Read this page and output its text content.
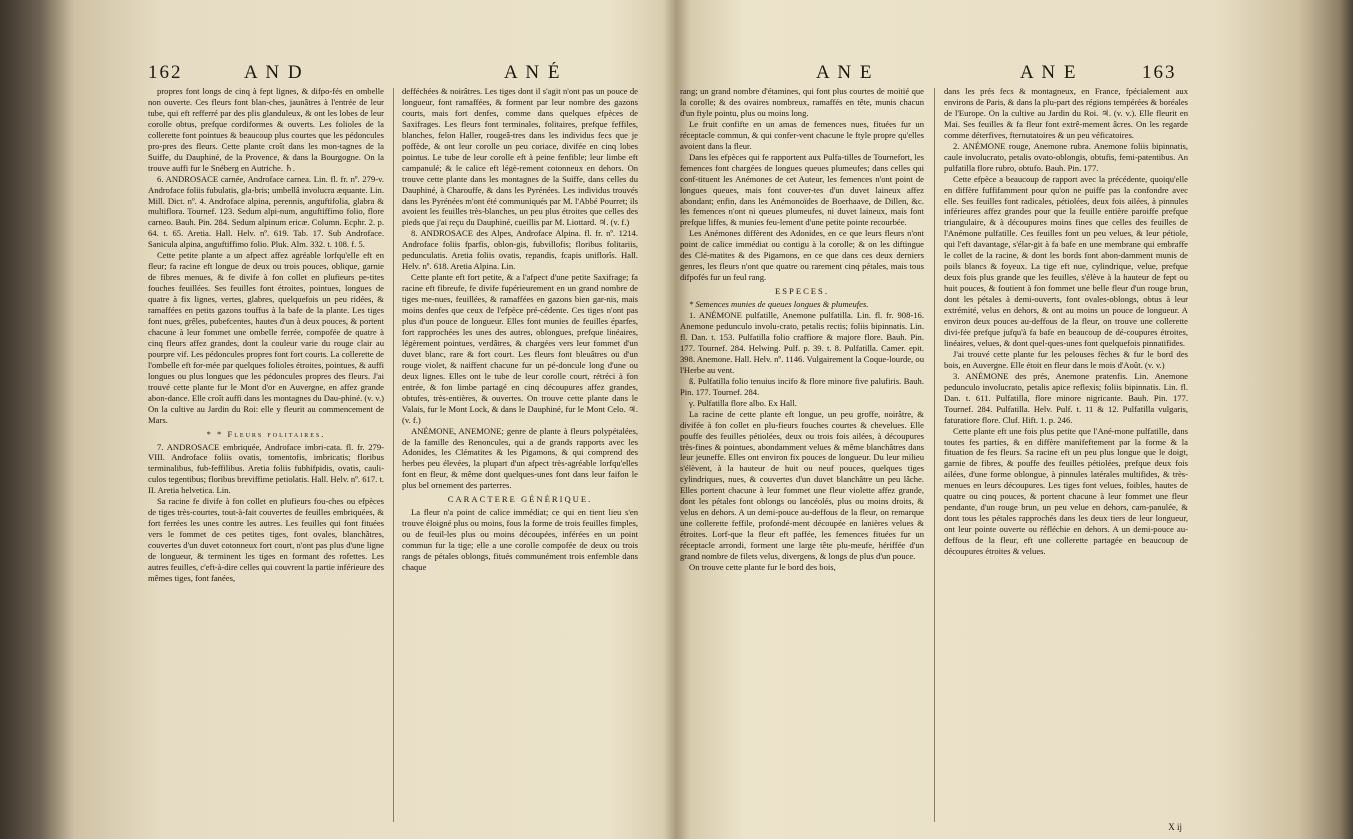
162	A N D	A N É

propres font longs de cinq à fept lignes, & difpo-fés en ombelle non ouverte. Ces fleurs font blan-ches, jaunâtres à l'entrée de leur tube, qui eft refferré par des plis glanduleux, & ont les lobes de leur corolle obtus, prefque cordiformes & ouverts. Les folioles de la collerette font pointues & beaucoup plus courtes que les pédoncules pro-pres des fleurs. Cette plante croît dans les mon-tagnes de la Suiffe, du Dauphiné, de la Provence, & dans la Bourgogne. On la trouve auffi fur le Snéberg en Autriche. ♄.

6. ANDROSACE carnée, Androface carnea. Lin. fl. fr. nº. 279-v. Androface foliis fubulatis, gla-bris; umbellâ involucra æquante. Lin. Mill. Dict. nº. 4. Androface alpina, perennis, anguftifolia, glabra & multiflora. Tournef. 123. Sedum alpi-num, anguftiffimo folio, flore carneo. Bauh. Pin. 284. Sedum alpinum ericæ. Column. Ecphr. 2. p. 64. t. 65. Aretia. Hall. Helv. nº. 619. Tab. 17. Sub Androface. Sanicula alpina, anguftiffimo folio. Pluk. Alm. 332. t. 108. f. 5.

Cette petite plante a un afpect affez agréable lorfqu'elle eft en fleur; fa racine eft longue de deux ou trois pouces, oblique, garnie de fibres menues, & fe divife à fon collet en plufieurs pe-tites fouches feuillées. Ses feuilles font étroites, pointues, longues de quatre à fix lignes, vertes, glabres, quelquefois un peu ridées, & ramaffées en petits gazons touffus à la bafe de la plante. Les tiges font nues, grêles, pubefcentes, hautes d'un à deux pouces, & portent chacune à leur fommet une ombelle ferrée, compofée de quatre à cinq fleurs affez grandes, dont la couleur varie du rouge clair au pourpre vif. Les pédoncules propres font fort courts. La collerette de l'ombelle eft for-mée par quelques folioles étroites, pointues, & auffi longues ou plus longues que les pédoncules propres des fleurs. J'ai trouvé cette plante fur le Mont d'or en Auvergne, en affez grande abon-dance. Elle croît auffi dans les montagnes du Dau-phiné. (v. v.) On la cultive au Jardin du Roi: elle y fleurit au commencement de Mars.

* * Fleurs folitaires.

7. ANDROSACE embriquée, Androface imbri-cata. fl. fr. 279-VIII. Androface foliis ovatis, tomentofis, imbricatis; floribus terminalibus, fub-feffilibus. Aretia foliis fubhifpidis, ovatis, cauli-culos tegentibus; floribus breviffime petiolatis. Hall. Helv. nº. 617. t. II. Aretia helvetica. Lin.

Sa racine fe divife à fon collet en plufieurs fou-ches ou efpèces de tiges très-courtes, tout-à-fait couvertes de feuilles embriquées, & fort ferrées les unes contre les autres. Les feuilles qui font fituées vers le fommet de ces petites tiges, font ovales, blanchâtres, couvertes d'un duvet cotonneux fort court, n'ont pas plus d'une ligne de longueur, & terminent les tiges en formant des rofettes. Les autres feuilles, c'eft-à-dire celles qui couvrent la partie inférieure des mêmes tiges, font fanées,

defféchées & noirâtres. Les tiges dont il s'agit n'ont pas un pouce de longueur, font ramaffées, & forment par leur nombre des gazons courts, mais fort denfes, comme dans quelques efpèces de Saxifrages. Les fleurs font terminales, folitaires, prefque feffiles, blanches, felon Haller, rougeâ-tres dans les individus fecs que je poffède, & ont leur corolle un peu coriace, divifée en cinq lobes pointus. Le tube de leur corolle eft à peine fenfible; leur limbe eft campanulé; & le calice eft légè-rement cotonneux en dehors. On trouve cette plante dans les montagnes de la Suiffe, dans celles du Dauphiné, à Charouffe, & dans les Pyrénées. Les individus trouvés dans les Pyrénées m'ont été communiqués par M. l'Abbé Pourret; ils avoient les feuilles très-blanches, un peu plus étroites que celles des pieds que j'ai reçu du Dauphiné, cueillis par M. Liottard. ♃. (v. f.)

8. ANDROSACE des Alpes, Androface Alpina. fl. fr. nº. 1214. Androface foliis fparfis, oblon-gis, fubvillofis; floribus folitariis, pedunculatis. Aretia foliis ovatis, repandis, fcapis uniflorîs. Hall. Helv. nº. 618. Aretia Alpina. Lin.

Cette plante eft fort petite, & a l'afpect d'une petite Saxifrage; fa racine eft fibreufe, fe divife fupérieurement en un grand nombre de tiges me-nues, feuillées, & ramaffées en gazons bien gar-nis, mais moins denfes que ceux de l'efpèce pré-cédente. Ces tiges n'ont pas plus d'un pouce de longueur. Elles font munies de feuilles éparfes, fort rapprochées les unes des autres, oblongues, prefque linéaires, légèrement pointues, verdâtres, & chargées vers leur fommet d'un duvet blanc, rare & fort court. Les fleurs font bleuâtres ou d'un rouge violet, & naiffent chacune fur un pé-doncule long d'une ou deux lignes. Elles ont le tube de leur corolle court, rétréci à fon entrée, & fon limbe partagé en cinq découpures affez grandes, obtufes, très-entières, & ouvertes. On trouve cette plante dans le Valais, fur le Mont Lock, & dans le Dauphiné, fur le Mont Celo. ♃. (v. f.)

ANÉMONE, ANEMONE; genre de plante à fleurs polypétalées, de la famille des Renoncules, qui a de grands rapports avec les Adonides, les Clématites & les Pigamons, & qui comprend des herbes peu élevées, la plupart d'un afpect très-agréable lorfqu'elles font en fleur, & même dont quelques-unes font dans leur faifon le plus bel ornement des parterres.

CARACTERE GÉNÉRIQUE.

La fleur n'a point de calice immédiat; ce qui en tient lieu s'en trouve éloigné plus ou moins, fous la forme de trois feuilles fimples, ou de feuil-les plus ou moins découpées, inférées en un point commun fur la tige; elle a une corolle compofée de deux ou trois rangs de pétales oblongs, fitués communément trois enfemble dans chaque

A N E	A N E	163

rang; un grand nombre d'étamines, qui font plus courtes de moitié que la corolle; & des ovaires nombreux, ramaffés en tête, munis chacun d'un ftyle pointu, plus ou moins long.

Le fruit confifte en un amas de femences nues, fituées fur un réceptacle commun, & qui confer-vent chacune le ftyle propre qu'elles avoient dans la fleur.

Dans les efpèces qui fe rapportent aux Pulfa-tilles de Tournefort, les femences font chargées de longues queues plumeufes; dans celles qui conf-tituent les Anémones de cet Auteur, les femences n'ont point de longues queues, mais font couver-tes d'un duvet laineux affez abondant; enfin, dans les Anémonoïdes de Boerhaave, de Dillen, &c. les femences n'ont ni queues plumeufes, ni duvet laineux, mais font prefque liffes, & munies feu-lement d'une petite pointe recourbée.

Les Anémones diffèrent des Adonides, en ce que leurs fleurs n'ont point de calice immédiat ou contigu à la corolle; & on les diftingue des Clé-matites & des Pigamons, en ce que dans ces deux derniers genres, les fleurs n'ont que quatre ou rarement cinq pétales, mais tous difpofés fur un feul rang.

ESPECES.

* Semences munies de queues longues & plumeufes.

1. ANÉMONE pulfatille, Anemone pulfatilla. Lin. fl. fr. 908-16. Anemone pedunculo involu-crato, petalis rectis; foliis bipinnatis. Lin. fl. Dan. t. 153. Pulfatilla folio craffiore & majore flore. Bauh. Pin. 177. Tournef. 284. Helwing. Pulf. p. 39. t. 8. Pulfatilla. Camer. epit. 398. Anemone. Hall. Helv. nº. 1146. Vulgairement la Coque-lourde, ou l'Herbe au vent.

ß. Pulfatilla folio tenuius incifo & flore minore five palufiris. Bauh. Pin. 177. Tournef. 284.

γ. Pulfatilla flore albo. Ex Hall.

La racine de cette plante eft longue, un peu groffe, noirâtre, & divifée à fon collet en plu-fieurs fouches courtes & chevelues. Elle pouffe des feuilles pétiolées, deux ou trois fois ailées, à découpures très-fines & pointues, abondamment velues & même blanchâtres dans leur jeuneffe. Elles ont environ fix pouces de longueur. Du leur milieu s'élèvent, à la hauteur de huit ou neuf pouces, quelques tiges cylindriques, nues, & couvertes d'un duvet blanchâtre un peu lâche. Elles portent chacune à leur fommet une fleur violette affez grande, dont les pétales font oblongs ou lancéolés, plus ou moins droits, & velus en dehors. A un demi-pouce au-deffous de la fleur, on remarque une collerette feffile, profondé-ment découpée en lanières velues & étroites. Lorf-que la fleur eft paffée, les femences fituées fur un réceptacle arrondi, forment une large tête plu-meufe, hériffée d'un grand nombre de filets velus, divergens, & longs de plus d'un pouce.

On trouve cette plante fur le bord des bois,

dans les prés fecs & montagneux, en France, fpécialement aux environs de Paris, & dans la plu-part des régions tempérées & boréales de l'Europe. On la cultive au Jardin du Roi. ♃. (v. v.). Elle fleurit en Mai. Ses feuilles & fa fleur font extrê-mement âcres. On les regarde comme déterfives, fternutatoires & un peu véficatoires.

2. ANÉMONE rouge, Anemone rubra. Anemone foliis bipinnatis, caule involucrato, petalis ovato-oblongis, obtufis, femi-patentibus. An pulfatilla flore rubro, obtufo. Bauh. Pin. 177.

Cette efpèce a beaucoup de rapport avec la précédente, quoiqu'elle en diffère fuffifamment pour qu'on ne puiffe pas la confondre avec elle. Ses feuilles font radicales, pétiolées, deux fois ailées, à pinnules inférieures affez grandes pour que la feuille entière paroiffe prefque triangulaire, & à découpures moins fines que celles des feuilles de l'Anémone pulfatille. Ces feuilles font un peu velues, & leur pétiole, qui l'eft davantage, s'élar-git à fa bafe en une membrane qui embraffe le collet de la racine, & dont les bords font abon-damment munis de poils blancs & foyeux. La tige eft nue, cylindrique, velue, prefque deux fois plus grande que les feuilles, s'élève à la hauteur de fept ou huit pouces, & foutient à fon fommet une belle fleur d'un rouge brun, dont les pétales à demi-ouverts, font ovales-oblongs, obtus à leur extrémité, velus en dehors, & ont au moins un pouce de longueur. A environ deux pouces au-deffous de la fleur, on trouve une collerette divi-fée prefque jufqu'à fa bafe en beaucoup de dé-coupures étroites, linéaires, velues, & dont quel-ques-unes font quelquefois pinnatifides.

J'ai trouvé cette plante fur les pelouses fèches & fur le bord des bois, en Auvergne. Elle étoit en fleur dans le mois d'Août. (v. v.)

3. ANÉMONE des prés, Anemone pratenfis. Lin. Anemone pedunculo involucrato, petalis apice reflexis; foliis bipinnatis. Lin. fl. Dan. t. 611. Pulfatilla, flore minore nigricante. Bauh. Pin. 177. Tournef. 284. Pulfatilla. Helv. Pulf. t. 11 & 12. Pulfatilla vulgaris, faturatiore flore. Cluf. Hift. 1. p. 246.

Cette plante eft une fois plus petite que l'Ané-mone pulfatille, dans toutes fes parties, & en diffère manifeftement par la forme & la fituation de fes fleurs. Sa racine eft un peu plus longue que le doigt, garnie de fibres, & pouffe des feuilles pétiolées, prefque deux fois ailées, d'une forme oblongue, à pinnules latérales multifides, & très-menues en leurs découpures. Les tiges font velues, foibles, hautes de quatre ou cinq pouces, & portent chacune à leur fommet une fleur pendante, d'un rouge brun, un peu velue en dehors, cam-panulée, & dont tous les pétales rapprochés dans les deux tiers de leur longueur, ont leur pointe ouverte ou réfléchie en dehors. A un demi-pouce au-deffous de la fleur, eft une collerette partagée en beaucoup de découpures étroites & velues.

X ij
